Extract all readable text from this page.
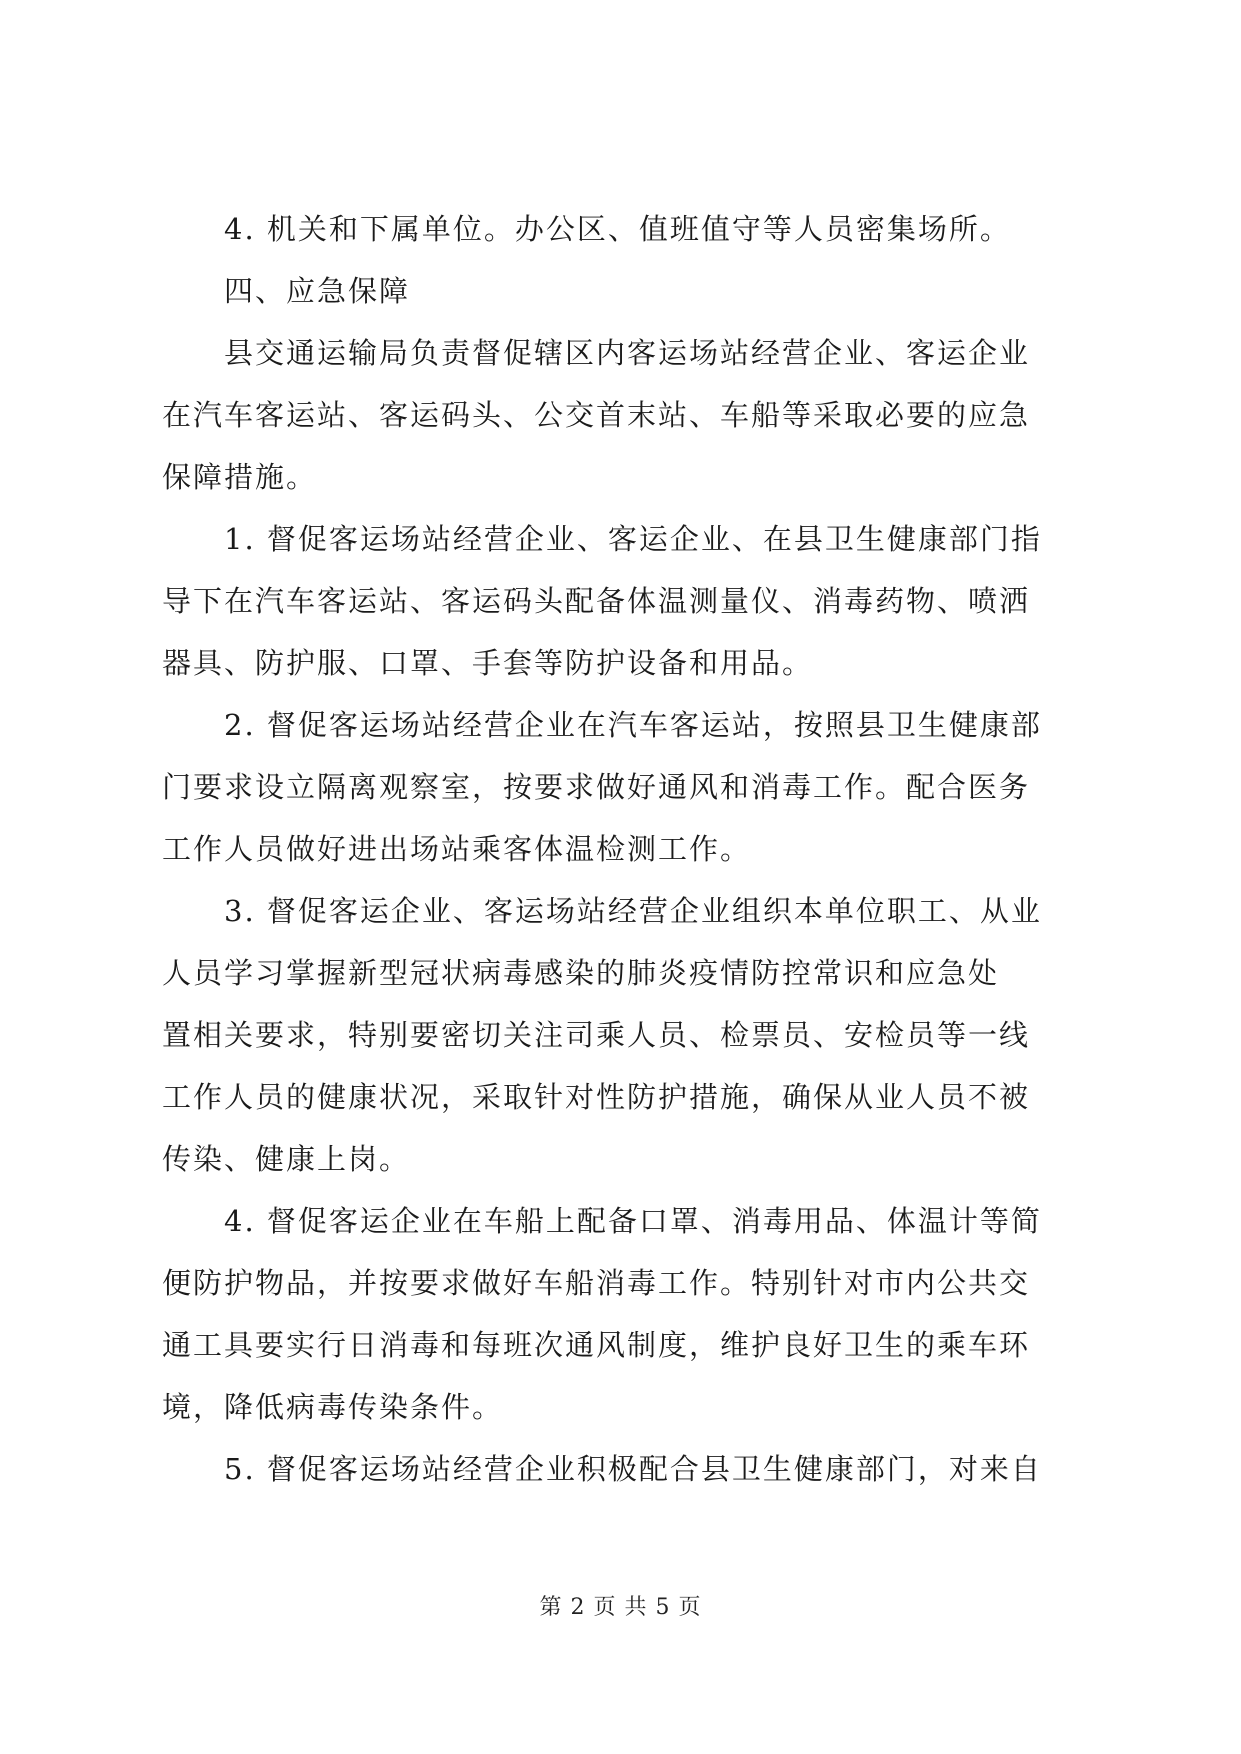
4. 机关和下属单位。办公区、值班值守等人员密集场所。

四、应急保障

县交通运输局负责督促辖区内客运场站经营企业、客运企业
在汽车客运站、客运码头、公交首末站、车船等采取必要的应急
保障措施。

1. 督促客运场站经营企业、客运企业、在县卫生健康部门指
导下在汽车客运站、客运码头配备体温测量仪、消毒药物、喷洒
器具、防护服、口罩、手套等防护设备和用品。

2. 督促客运场站经营企业在汽车客运站，按照县卫生健康部
门要求设立隔离观察室，按要求做好通风和消毒工作。配合医务
工作人员做好进出场站乘客体温检测工作。

3. 督促客运企业、客运场站经营企业组织本单位职工、从业
人员学习掌握新型冠状病毒感染的肺炎疫情防控常识和应急处
置相关要求，特别要密切关注司乘人员、检票员、安检员等一线
工作人员的健康状况，采取针对性防护措施，确保从业人员不被
传染、健康上岗。

4. 督促客运企业在车船上配备口罩、消毒用品、体温计等简
便防护物品，并按要求做好车船消毒工作。特别针对市内公共交
通工具要实行日消毒和每班次通风制度，维护良好卫生的乘车环
境，降低病毒传染条件。

5. 督促客运场站经营企业积极配合县卫生健康部门，对来自

第 2 页 共 5 页
